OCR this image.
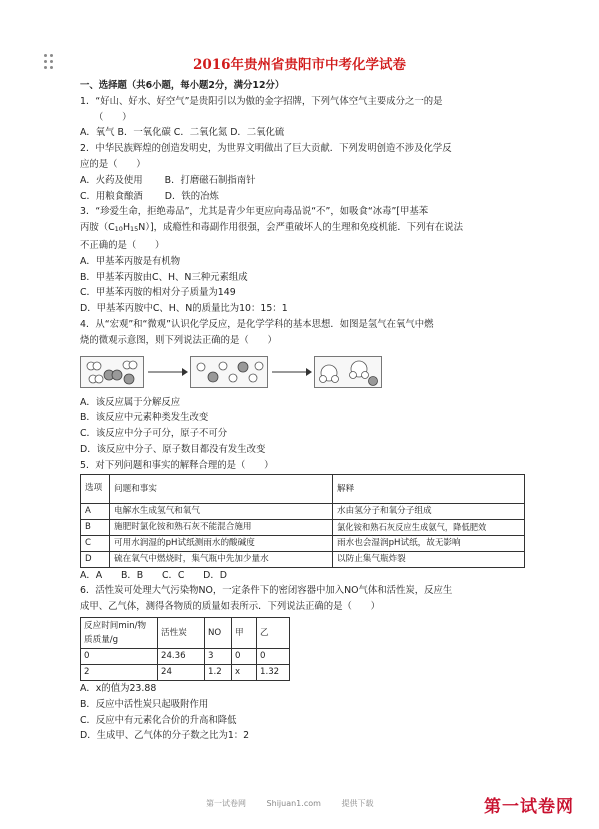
2016年贵州省贵阳市中考化学试卷
一、选择题（共6小题，每小题2分，满分12分）
1．“好山、好水、好空气”是贵阳引以为傲的金字招牌，下列气体空气主要成分之一的是
（　　）
A．氧气 B．一氧化碳 C．二氧化氮 D．二氧化硫
2．中华民族辉煌的创造发明史，为世界文明做出了巨大贡献．下列发明创造不涉及化学反
应的是（　　）
A．火药及使用 B．打磨磁石制指南针
C．用粮食酿酒 D．铁的冶炼
3．“珍爱生命，拒绝毒品”，尤其是青少年更应向毒品说“不”，如吸食“冰毒”[甲基苯
丙胺（C10H15N）]，成瘾性和毒副作用很强，会严重破坏人的生理和免疫机能．下列有在说法
不正确的是（　　）
A．甲基苯丙胺是有机物
B．甲基苯丙胺由C、H、N三种元素组成
C．甲基苯丙胺的相对分子质量为149
D．甲基苯丙胺中C、H、N的质量比为10：15：1
4．从“宏观”和“微观”认识化学反应，是化学学科的基本思想．如图是氢气在氧气中燃
烧的微观示意图，则下列说法正确的是（　　）
A．该反应属于分解反应
B．该反应中元素种类发生改变
C．该反应中分子可分，原子不可分
D．该反应中分子、原子数目都没有发生改变
5．对下列问题和事实的解释合理的是（　　）
选项	问题和事实	解释
A	电解水生成氢气和氧气	水由氢分子和氧分子组成
B	施肥时氯化铵和熟石灰不能混合施用	氯化铵和熟石灰反应生成氨气，降低肥效
C	可用水润湿的pH试纸测雨水的酸碱度	雨水也会湿润pH试纸，故无影响
D	硫在氧气中燃烧时，集气瓶中先加少量水	以防止集气瓶炸裂
A．A　　B．B　　C．C　　D．D
6．活性炭可处理大气污染物NO，一定条件下的密闭容器中加入NO气体和活性炭，反应生
成甲、乙气体，测得各物质的质量如表所示．下列说法正确的是（　　）
反应时间min/物质质量/g	活性炭	NO	甲	乙
0	24.36	3	0	0
2	24	1.2	x	1.32
A．x的值为23.88
B．反应中活性炭只起吸附作用
C．反应中有元素化合价的升高和降低
D．生成甲、乙气体的分子数之比为1：2
第一试卷网	Shijuan1.com	提供下载	第一试卷网
